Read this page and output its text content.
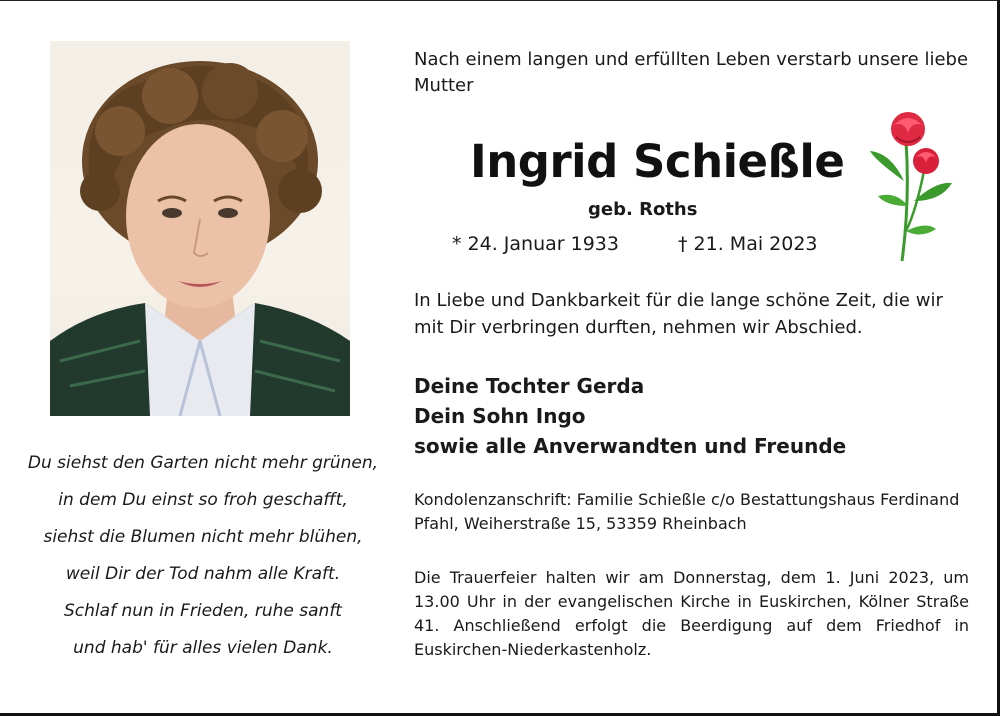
Du siehst den Garten nicht mehr grünen,
in dem Du einst so froh geschafft,
siehst die Blumen nicht mehr blühen,
weil Dir der Tod nahm alle Kraft.
Schlaf nun in Frieden, ruhe sanft
und hab' für alles vielen Dank.
Nach einem langen und erfüllten Leben verstarb unsere liebe Mutter
Ingrid Schießle
geb. Roths
* 24. Januar 1933	† 21. Mai 2023
In Liebe und Dankbarkeit für die lange schöne Zeit, die wir mit Dir verbringen durften, nehmen wir Abschied.
Deine Tochter Gerda
Dein Sohn Ingo
sowie alle Anverwandten und Freunde
Kondolenzanschrift: Familie Schießle c/o Bestattungshaus Ferdinand Pfahl, Weiherstraße 15, 53359 Rheinbach
Die Trauerfeier halten wir am Donnerstag, dem 1. Juni 2023, um 13.00 Uhr in der evangelischen Kirche in Euskirchen, Kölner Straße 41. Anschließend erfolgt die Beerdigung auf dem Friedhof in Euskirchen-Niederkastenholz.
